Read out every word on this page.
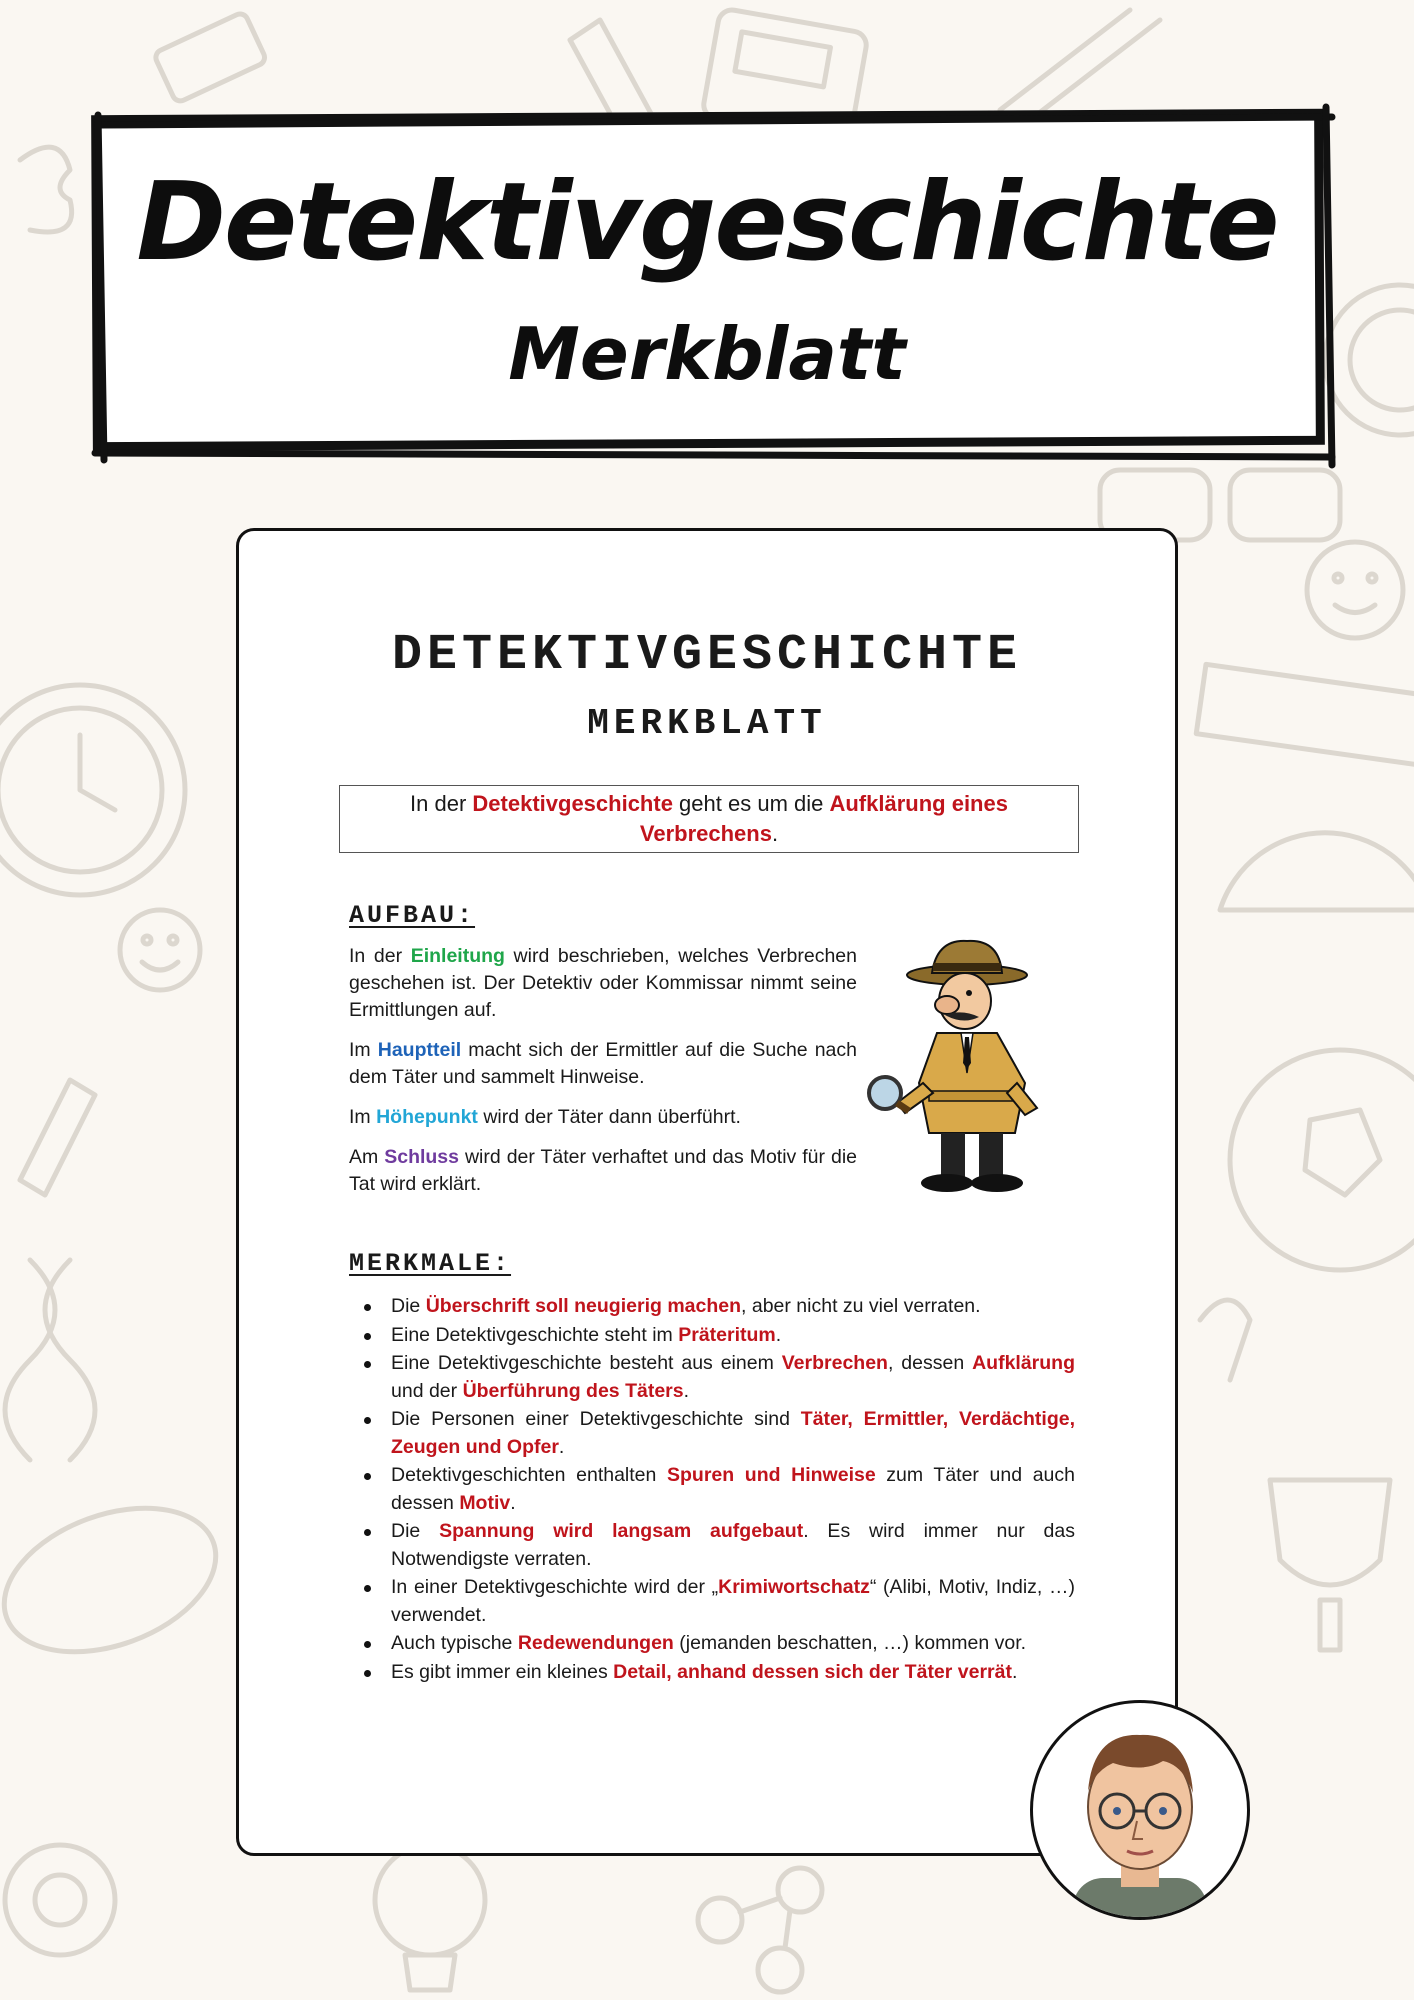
Detektivgeschichte
Merkblatt
DETEKTIVGESCHICHTE
MERKBLATT
In der Detektivgeschichte geht es um die Aufklärung eines Verbrechens.
AUFBAU:

In der Einleitung wird beschrieben, welches Verbrechen geschehen ist. Der Detektiv oder Kommissar nimmt seine Ermittlungen auf.

Im Hauptteil macht sich der Ermittler auf die Suche nach dem Täter und sammelt Hinweise.

Im Höhepunkt wird der Täter dann überführt.

Am Schluss wird der Täter verhaftet und das Motiv für die Tat wird erklärt.

MERKMALE:
Die Überschrift soll neugierig machen, aber nicht zu viel verraten.
Eine Detektivgeschichte steht im Präteritum.
Eine Detektivgeschichte besteht aus einem Verbrechen, dessen Aufklärung und der Überführung des Täters.
Die Personen einer Detektivgeschichte sind Täter, Ermittler, Verdächtige, Zeugen und Opfer.
Detektivgeschichten enthalten Spuren und Hinweise zum Täter und auch dessen Motiv.
Die Spannung wird langsam aufgebaut. Es wird immer nur das Notwendigste verraten.
In einer Detektivgeschichte wird der „Krimiwortschatz“ (Alibi, Motiv, Indiz, …) verwendet.
Auch typische Redewendungen (jemanden beschatten, …) kommen vor.
Es gibt immer ein kleines Detail, anhand dessen sich der Täter verrät.
